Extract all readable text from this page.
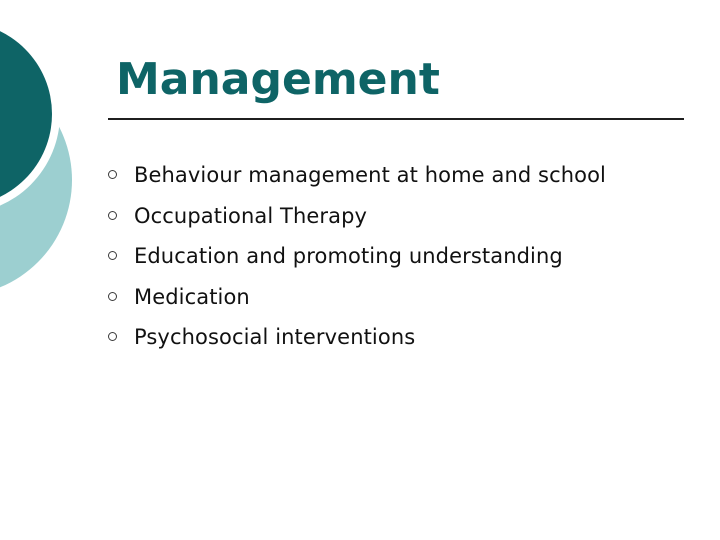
Management
Behaviour management at home and school
Occupational Therapy
Education and promoting understanding
Medication
Psychosocial interventions
